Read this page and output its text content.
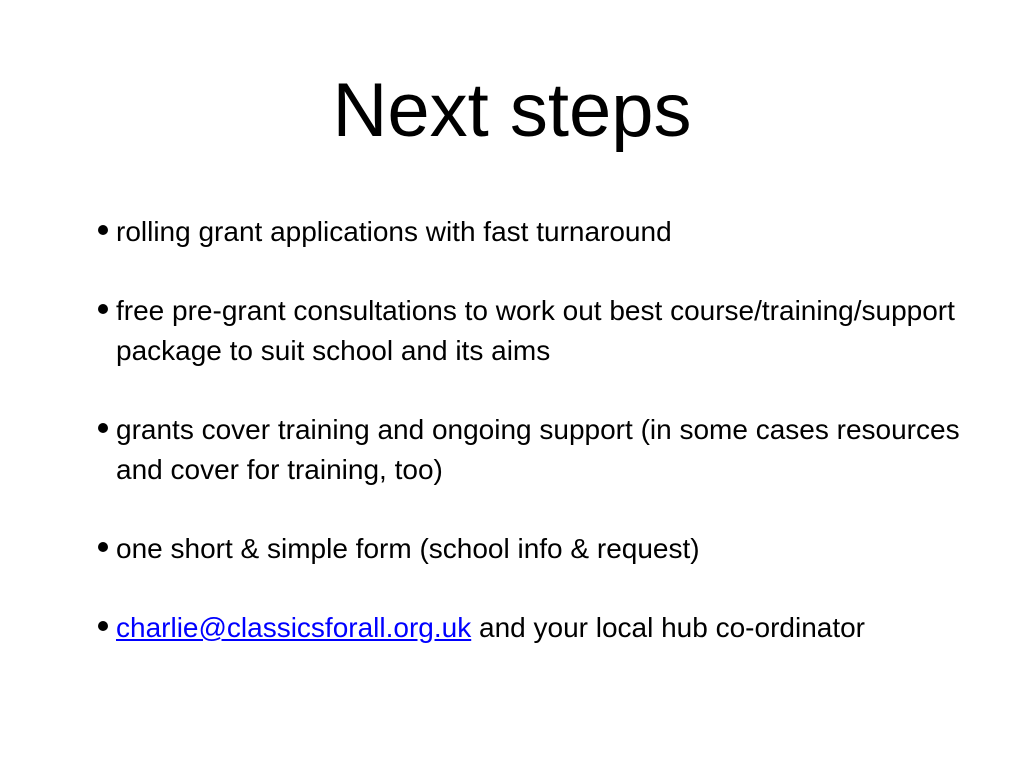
Next steps
rolling grant applications with fast turnaround
free pre-grant consultations to work out best course/training/support package to suit school and its aims
grants cover training and ongoing support (in some cases resources and cover for training, too)
one short & simple form (school info & request)
charlie@classicsforall.org.uk and your local hub co-ordinator
